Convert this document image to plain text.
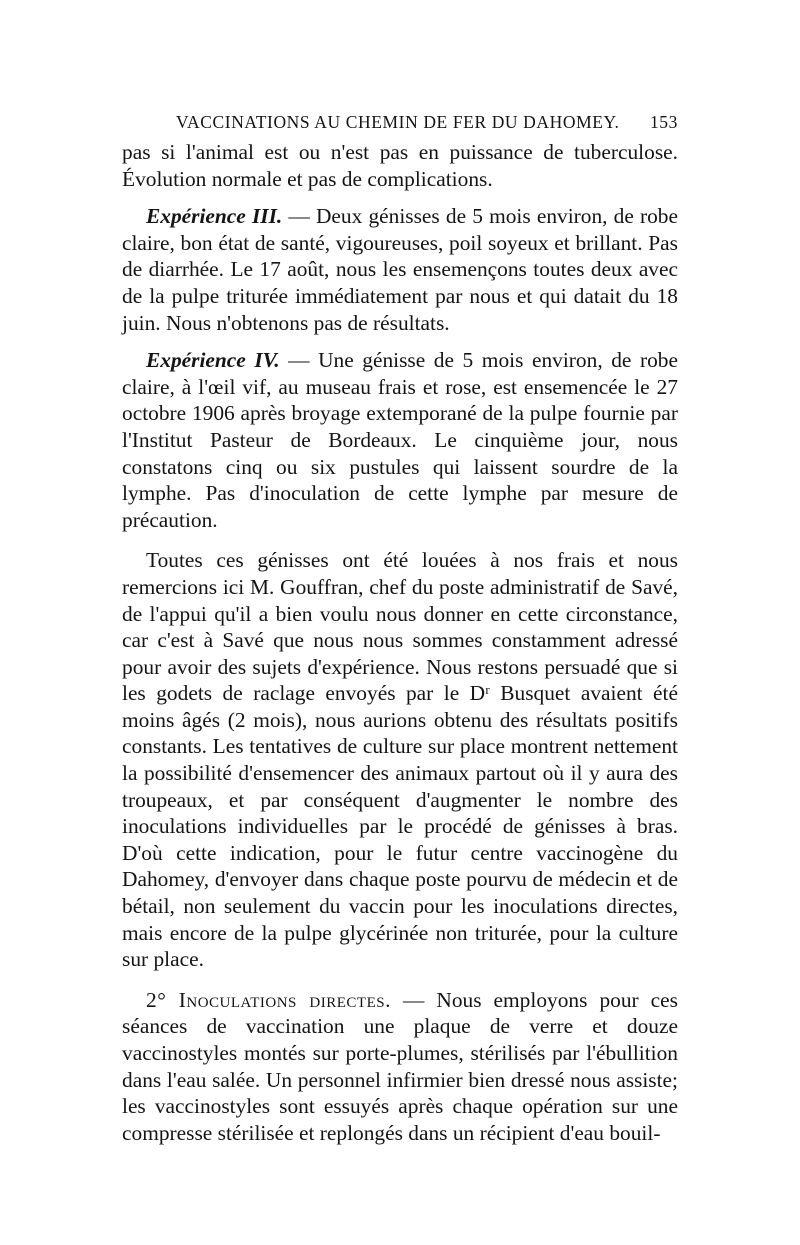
VACCINATIONS AU CHEMIN DE FER DU DAHOMEY. 153

pas si l'animal est ou n'est pas en puissance de tuberculose. Évolution normale et pas de complications.

Expérience III. — Deux génisses de 5 mois environ, de robe claire, bon état de santé, vigoureuses, poil soyeux et brillant. Pas de diarrhée. Le 17 août, nous les ensemençons toutes deux avec de la pulpe triturée immédiatement par nous et qui datait du 18 juin. Nous n'obtenons pas de résultats.

Expérience IV. — Une génisse de 5 mois environ, de robe claire, à l'œil vif, au museau frais et rose, est ensemencée le 27 octobre 1906 après broyage extemporané de la pulpe fournie par l'Institut Pasteur de Bordeaux. Le cinquième jour, nous constatons cinq ou six pustules qui laissent sourdre de la lymphe. Pas d'inoculation de cette lymphe par mesure de précaution.

Toutes ces génisses ont été louées à nos frais et nous remercions ici M. Gouffran, chef du poste administratif de Savé, de l'appui qu'il a bien voulu nous donner en cette circonstance, car c'est à Savé que nous nous sommes constamment adressé pour avoir des sujets d'expérience. Nous restons persuadé que si les godets de raclage envoyés par le Dʳ Busquet avaient été moins âgés (2 mois), nous aurions obtenu des résultats positifs constants. Les tentatives de culture sur place montrent nettement la possibilité d'ensemencer des animaux partout où il y aura des troupeaux, et par conséquent d'augmenter le nombre des inoculations individuelles par le procédé de génisses à bras. D'où cette indication, pour le futur centre vaccinogène du Dahomey, d'envoyer dans chaque poste pourvu de médecin et de bétail, non seulement du vaccin pour les inoculations directes, mais encore de la pulpe glycérinée non triturée, pour la culture sur place.

2° Inoculations directes. — Nous employons pour ces séances de vaccination une plaque de verre et douze vaccinostyles montés sur porte-plumes, stérilisés par l'ébullition dans l'eau salée. Un personnel infirmier bien dressé nous assiste; les vaccinostyles sont essuyés après chaque opération sur une compresse stérilisée et replongés dans un récipient d'eau bouil-
